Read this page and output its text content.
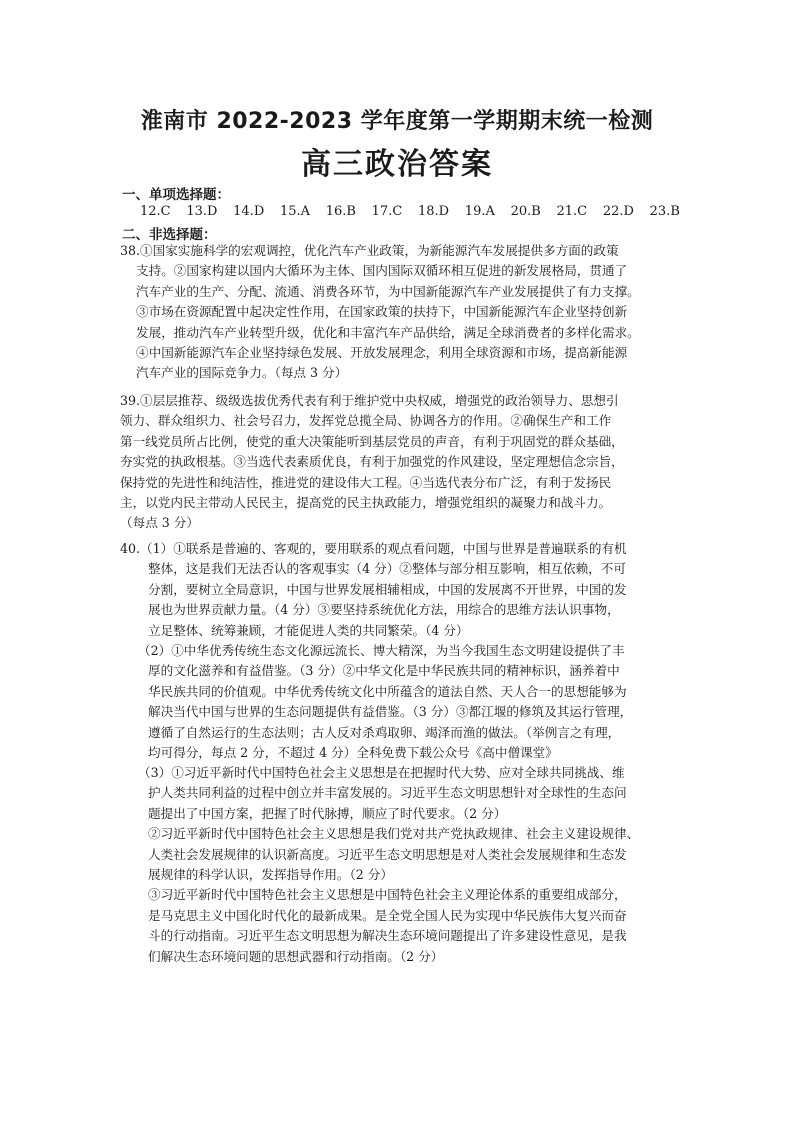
淮南市 2022-2023 学年度第一学期期末统一检测
高三政治答案
一、单项选择题：
12.C 13.D 14.D 15.A 16.B 17.C 18.D 19.A 20.B 21.C 22.D 23.B
二、非选择题：
38.①国家实施科学的宏观调控，优化汽车产业政策，为新能源汽车发展提供多方面的政策
支持。②国家构建以国内大循环为主体、国内国际双循环相互促进的新发展格局，贯通了
汽车产业的生产、分配、流通、消费各环节，为中国新能源汽车产业发展提供了有力支撑。
③市场在资源配置中起决定性作用，在国家政策的扶持下，中国新能源汽车企业坚持创新
发展，推动汽车产业转型升级，优化和丰富汽车产品供给，满足全球消费者的多样化需求。
④中国新能源汽车企业坚持绿色发展、开放发展理念，利用全球资源和市场，提高新能源
汽车产业的国际竞争力。（每点 3 分）
39.①层层推荐、级级选拔优秀代表有利于维护党中央权威，增强党的政治领导力、思想引
领力、群众组织力、社会号召力，发挥党总揽全局、协调各方的作用。②确保生产和工作
第一线党员所占比例，使党的重大决策能听到基层党员的声音，有利于巩固党的群众基础，
夯实党的执政根基。③当选代表素质优良，有利于加强党的作风建设，坚定理想信念宗旨，
保持党的先进性和纯洁性，推进党的建设伟大工程。④当选代表分布广泛，有利于发扬民
主，以党内民主带动人民民主，提高党的民主执政能力，增强党组织的凝聚力和战斗力。
（每点 3 分）
40.（1）①联系是普遍的、客观的，要用联系的观点看问题，中国与世界是普遍联系的有机
整体，这是我们无法否认的客观事实（4 分）②整体与部分相互影响，相互依赖，不可
分割，要树立全局意识，中国与世界发展相辅相成，中国的发展离不开世界，中国的发
展也为世界贡献力量。（4 分）③要坚持系统优化方法，用综合的思维方法认识事物，
立足整体、统筹兼顾，才能促进人类的共同繁荣。（4 分）
（2）①中华优秀传统生态文化源远流长、博大精深，为当今我国生态文明建设提供了丰
厚的文化滋养和有益借鉴。（3 分）②中华文化是中华民族共同的精神标识，涵养着中
华民族共同的价值观。中华优秀传统文化中所蕴含的道法自然、天人合一的思想能够为
解决当代中国与世界的生态问题提供有益借鉴。（3 分）③都江堰的修筑及其运行管理，
遵循了自然运行的生态法则；古人反对杀鸡取卵、竭泽而渔的做法。（举例言之有理，
均可得分，每点 2 分，不超过 4 分）全科免费下载公众号《高中僧课堂》
（3）①习近平新时代中国特色社会主义思想是在把握时代大势、应对全球共同挑战、维
护人类共同利益的过程中创立并丰富发展的。习近平生态文明思想针对全球性的生态问
题提出了中国方案，把握了时代脉搏，顺应了时代要求。（2 分）
②习近平新时代中国特色社会主义思想是我们党对共产党执政规律、社会主义建设规律、
人类社会发展规律的认识新高度。习近平生态文明思想是对人类社会发展规律和生态发
展规律的科学认识，发挥指导作用。（2 分）
③习近平新时代中国特色社会主义思想是中国特色社会主义理论体系的重要组成部分，
是马克思主义中国化时代化的最新成果。是全党全国人民为实现中华民族伟大复兴而奋
斗的行动指南。习近平生态文明思想为解决生态环境问题提出了许多建设性意见，是我
们解决生态环境问题的思想武器和行动指南。（2 分）
